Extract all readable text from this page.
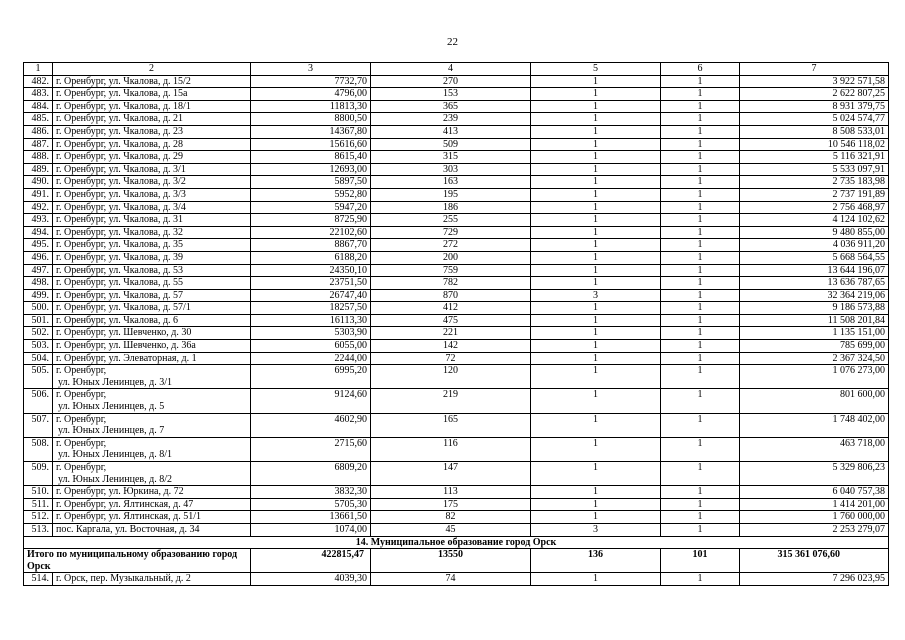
22
1	2	3	4	5	6	7
482.	г. Оренбург, ул. Чкалова, д. 15/2	7732,70	270	1	1	3 922 571,58
483.	г. Оренбург, ул. Чкалова, д. 15а	4796,00	153	1	1	2 622 807,25
484.	г. Оренбург, ул. Чкалова, д. 18/1	11813,30	365	1	1	8 931 379,75
485.	г. Оренбург, ул. Чкалова, д. 21	8800,50	239	1	1	5 024 574,77
486.	г. Оренбург, ул. Чкалова, д. 23	14367,80	413	1	1	8 508 533,01
487.	г. Оренбург, ул. Чкалова, д. 28	15616,60	509	1	1	10 546 118,02
488.	г. Оренбург, ул. Чкалова, д. 29	8615,40	315	1	1	5 116 321,91
489.	г. Оренбург, ул. Чкалова, д. 3/1	12693,00	303	1	1	5 533 097,91
490.	г. Оренбург, ул. Чкалова, д. 3/2	5897,50	163	1	1	2 735 183,98
491.	г. Оренбург, ул. Чкалова, д. 3/3	5952,80	195	1	1	2 737 191,89
492.	г. Оренбург, ул. Чкалова, д. 3/4	5947,20	186	1	1	2 756 468,97
493.	г. Оренбург, ул. Чкалова, д. 31	8725,90	255	1	1	4 124 102,62
494.	г. Оренбург, ул. Чкалова, д. 32	22102,60	729	1	1	9 480 855,00
495.	г. Оренбург, ул. Чкалова, д. 35	8867,70	272	1	1	4 036 911,20
496.	г. Оренбург, ул. Чкалова, д. 39	6188,20	200	1	1	5 668 564,55
497.	г. Оренбург, ул. Чкалова, д. 53	24350,10	759	1	1	13 644 196,07
498.	г. Оренбург, ул. Чкалова, д. 55	23751,50	782	1	1	13 636 787,65
499.	г. Оренбург, ул. Чкалова, д. 57	26747,40	870	3	1	32 364 219,06
500.	г. Оренбург, ул. Чкалова, д. 57/1	18257,50	412	1	1	9 186 573,88
501.	г. Оренбург, ул. Чкалова, д. 6	16113,30	475	1	1	11 508 201,84
502.	г. Оренбург, ул. Шевченко, д. 30	5303,90	221	1	1	1 135 151,00
503.	г. Оренбург, ул. Шевченко, д. 36а	6055,00	142	1	1	785 699,00
504.	г. Оренбург, ул. Элеваторная, д. 1	2244,00	72	1	1	2 367 324,50
505.	г. Оренбург,
ул. Юных Ленинцев, д. 3/1	6995,20	120	1	1	1 076 273,00
506.	г. Оренбург,
ул. Юных Ленинцев, д. 5	9124,60	219	1	1	801 600,00
507.	г. Оренбург,
ул. Юных Ленинцев, д. 7	4602,90	165	1	1	1 748 402,00
508.	г. Оренбург,
ул. Юных Ленинцев, д. 8/1	2715,60	116	1	1	463 718,00
509.	г. Оренбург,
ул. Юных Ленинцев, д. 8/2	6809,20	147	1	1	5 329 806,23
510.	г. Оренбург, ул. Юркина, д. 72	3832,30	113	1	1	6 040 757,38
511.	г. Оренбург, ул. Ялтинская, д. 47	5705,30	175	1	1	1 414 201,00
512.	г. Оренбург, ул. Ялтинская, д. 51/1	13661,50	82	1	1	1 760 000,00
513.	пос. Каргала, ул. Восточная, д. 34	1074,00	45	3	1	2 253 279,07
14. Муниципальное образование город Орск						
Итого по муниципальному образованию город Орск		422815,47	13550	136	101	315 361 076,60
514.	г. Орск, пер. Музыкальный, д. 2	4039,30	74	1	1	7 296 023,95
